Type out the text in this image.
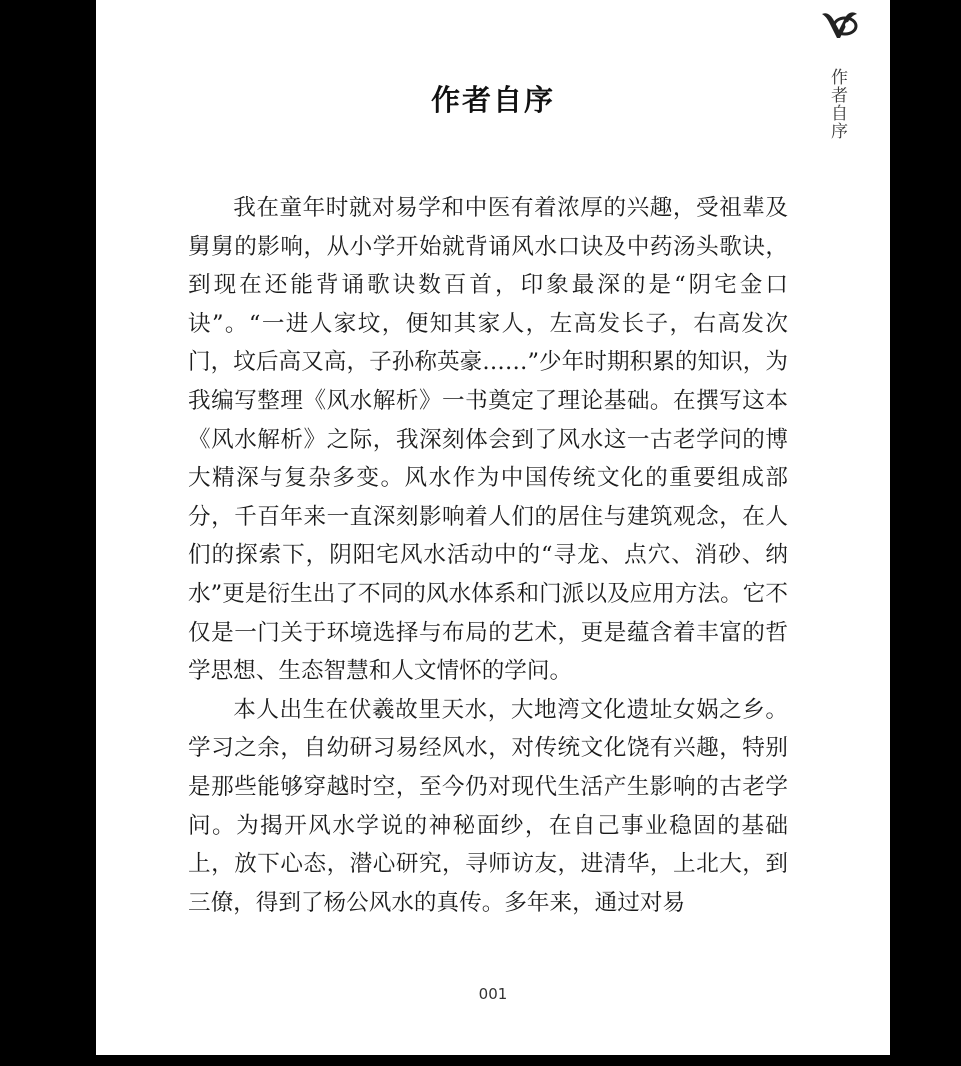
作者自序
作者自序

我在童年时就对易学和中医有着浓厚的兴趣，受祖辈及舅舅的影响，从小学开始就背诵风水口诀及中药汤头歌诀，到现在还能背诵歌诀数百首，印象最深的是“阴宅金口诀”。“一进人家坟，便知其家人，左高发长子，右高发次门，坟后高又高，子孙称英豪……”少年时期积累的知识，为我编写整理《风水解析》一书奠定了理论基础。在撰写这本《风水解析》之际，我深刻体会到了风水这一古老学问的博大精深与复杂多变。风水作为中国传统文化的重要组成部分，千百年来一直深刻影响着人们的居住与建筑观念，在人们的探索下，阴阳宅风水活动中的“寻龙、点穴、消砂、纳水”更是衍生出了不同的风水体系和门派以及应用方法。它不仅是一门关于环境选择与布局的艺术，更是蕴含着丰富的哲学思想、生态智慧和人文情怀的学问。

本人出生在伏羲故里天水，大地湾文化遗址女娲之乡。学习之余，自幼研习易经风水，对传统文化饶有兴趣，特别是那些能够穿越时空，至今仍对现代生活产生影响的古老学问。为揭开风水学说的神秘面纱，在自己事业稳固的基础上，放下心态，潜心研究，寻师访友，进清华，上北大，到三僚，得到了杨公风水的真传。多年来，通过对易

001
